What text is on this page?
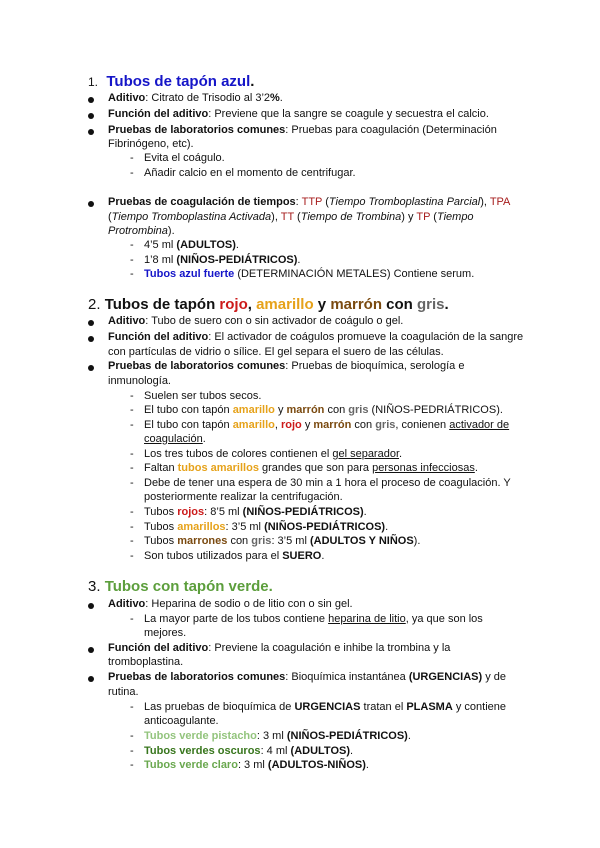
1. Tubos de tapón azul.
Aditivo: Citrato de Trisodio al 3’2%.
Función del aditivo: Previene que la sangre se coagule y secuestra el calcio.
Pruebas de laboratorios comunes: Pruebas para coagulación (Determinación
Fibrinógeno, etc).
- Evita el coágulo.
- Añadir calcio en el momento de centrifugar.
Pruebas de coagulación de tiempos: TTP (Tiempo Tromboplastina Parcial), TPA
(Tiempo Tromboplastina Activada), TT (Tiempo de Trombina) y TP (Tiempo
Protrombina).
- 4’5 ml (ADULTOS).
- 1’8 ml (NIÑOS-PEDIÁTRICOS).
- Tubos azul fuerte (DETERMINACIÓN METALES) Contiene serum.
2. Tubos de tapón rojo, amarillo y marrón con gris.
Aditivo: Tubo de suero con o sin activador de coágulo o gel.
Función del aditivo: El activador de coágulos promueve la coagulación de la sangre
con partículas de vidrio o sílice. El gel separa el suero de las células.
Pruebas de laboratorios comunes: Pruebas de bioquímica, serología e
inmunología.
- Suelen ser tubos secos.
- El tubo con tapón amarillo y marrón con gris (NIÑOS-PEDRIÁTRICOS).
- El tubo con tapón amarillo, rojo y marrón con gris, conienen activador de
coagulación.
- Los tres tubos de colores contienen el gel separador.
- Faltan tubos amarillos grandes que son para personas infecciosas.
- Debe de tener una espera de 30 min a 1 hora el proceso de coagulación. Y
posteriormente realizar la centrifugación.
- Tubos rojos: 8’5 ml (NIÑOS-PEDIÁTRICOS).
- Tubos amarillos: 3’5 ml (NIÑOS-PEDIÁTRICOS).
- Tubos marrones con gris: 3’5 ml (ADULTOS Y NIÑOS).
- Son tubos utilizados para el SUERO.
3. Tubos con tapón verde.
Aditivo: Heparina de sodio o de litio con o sin gel.
- La mayor parte de los tubos contiene heparina de litio, ya que son los
mejores.
Función del aditivo: Previene la coagulación e inhibe la trombina y la
tromboplastina.
Pruebas de laboratorios comunes: Bioquímica instantánea (URGENCIAS) y de
rutina.
- Las pruebas de bioquímica de URGENCIAS tratan el PLASMA y contiene
anticoagulante.
- Tubos verde pistacho: 3 ml (NIÑOS-PEDIÁTRICOS).
- Tubos verdes oscuros: 4 ml (ADULTOS).
- Tubos verde claro: 3 ml (ADULTOS-NIÑOS).
